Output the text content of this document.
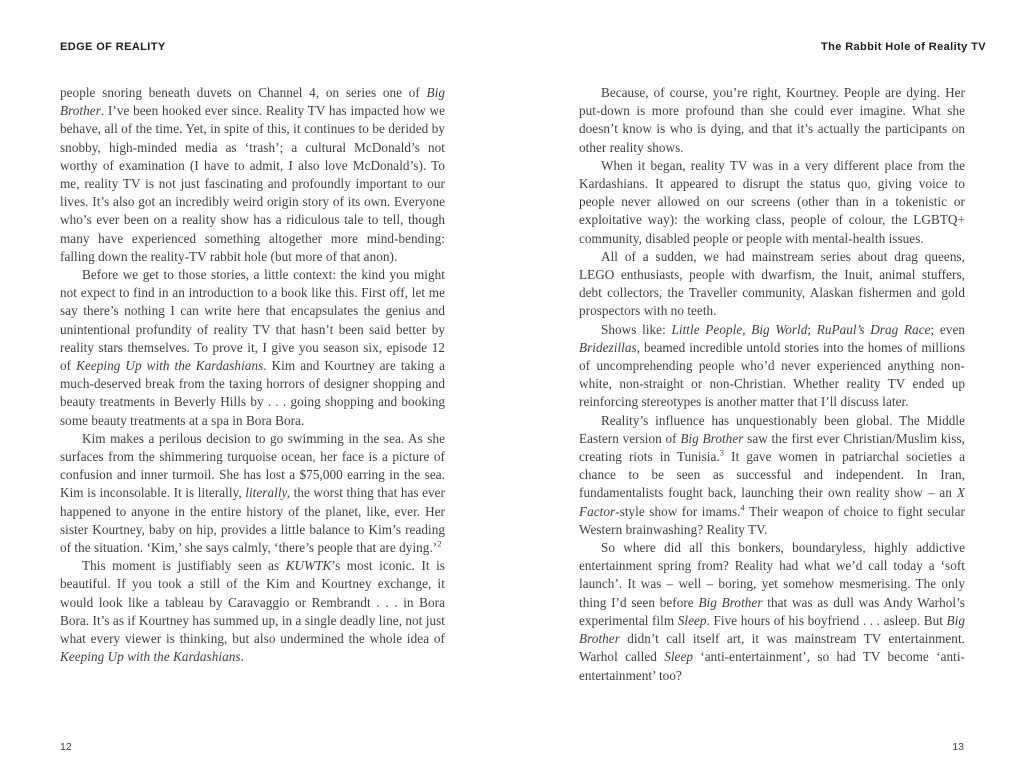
EDGE OF REALITY

people snoring beneath duvets on Channel 4, on series one of Big Brother. I’ve been hooked ever since. Reality TV has impacted how we behave, all of the time. Yet, in spite of this, it continues to be derided by snobby, high-minded media as ‘trash’; a cultural McDonald’s not worthy of examination (I have to admit, I also love McDonald’s). To me, reality TV is not just fascinating and profoundly important to our lives. It’s also got an incredibly weird origin story of its own. Everyone who’s ever been on a reality show has a ridiculous tale to tell, though many have experienced something altogether more mind-bending: falling down the reality-TV rabbit hole (but more of that anon).

Before we get to those stories, a little context: the kind you might not expect to find in an introduction to a book like this. First off, let me say there’s nothing I can write here that encapsulates the genius and unintentional profundity of reality TV that hasn’t been said better by reality stars themselves. To prove it, I give you season six, episode 12 of Keeping Up with the Kardashians. Kim and Kourtney are taking a much-deserved break from the taxing horrors of designer shopping and beauty treatments in Beverly Hills by . . . going shopping and booking some beauty treatments at a spa in Bora Bora.

Kim makes a perilous decision to go swimming in the sea. As she surfaces from the shimmering turquoise ocean, her face is a picture of confusion and inner turmoil. She has lost a $75,000 earring in the sea. Kim is inconsolable. It is literally, literally, the worst thing that has ever happened to anyone in the entire history of the planet, like, ever. Her sister Kourtney, baby on hip, provides a little balance to Kim’s reading of the situation. ‘Kim,’ she says calmly, ‘there’s people that are dying.’$^2$

This moment is justifiably seen as KUWTK’s most iconic. It is beautiful. If you took a still of the Kim and Kourtney exchange, it would look like a tableau by Caravaggio or Rembrandt . . . in Bora Bora. It’s as if Kourtney has summed up, in a single deadly line, not just what every viewer is thinking, but also undermined the whole idea of Keeping Up with the Kardashians.

12
The Rabbit Hole of Reality TV

Because, of course, you’re right, Kourtney. People are dying. Her put-down is more profound than she could ever imagine. What she doesn’t know is who is dying, and that it’s actually the participants on other reality shows.

When it began, reality TV was in a very different place from the Kardashians. It appeared to disrupt the status quo, giving voice to people never allowed on our screens (other than in a tokenistic or exploitative way): the working class, people of colour, the LGBTQ+ community, disabled people or people with mental-health issues.

All of a sudden, we had mainstream series about drag queens, LEGO enthusiasts, people with dwarfism, the Inuit, animal stuffers, debt collectors, the Traveller community, Alaskan fishermen and gold prospectors with no teeth.

Shows like: Little People, Big World; RuPaul’s Drag Race; even Bridezillas, beamed incredible untold stories into the homes of millions of uncomprehending people who’d never experienced anything non-white, non-straight or non-Christian. Whether reality TV ended up reinforcing stereotypes is another matter that I’ll discuss later.

Reality’s influence has unquestionably been global. The Middle Eastern version of Big Brother saw the first ever Christian/Muslim kiss, creating riots in Tunisia.$^3$ It gave women in patriarchal societies a chance to be seen as successful and independent. In Iran, fundamentalists fought back, launching their own reality show – an X Factor-style show for imams.$^4$ Their weapon of choice to fight secular Western brainwashing? Reality TV.

So where did all this bonkers, boundaryless, highly addictive entertainment spring from? Reality had what we’d call today a ‘soft launch’. It was – well – boring, yet somehow mesmerising. The only thing I’d seen before Big Brother that was as dull was Andy Warhol’s experimental film Sleep. Five hours of his boyfriend . . . asleep. But Big Brother didn’t call itself art, it was mainstream TV entertainment. Warhol called Sleep ‘anti-entertainment’, so had TV become ‘anti-entertainment’ too?

13
